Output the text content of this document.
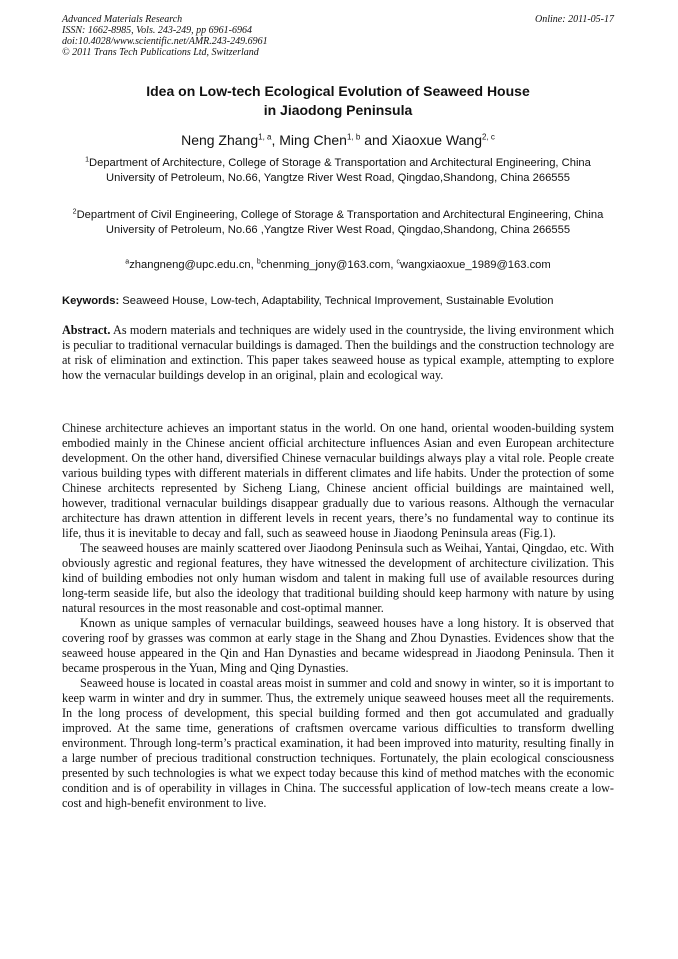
Advanced Materials Research
ISSN: 1662-8985, Vols. 243-249, pp 6961-6964
doi:10.4028/www.scientific.net/AMR.243-249.6961
© 2011 Trans Tech Publications Ltd, Switzerland
Online: 2011-05-17
Idea on Low-tech Ecological Evolution of Seaweed House
in Jiaodong Peninsula
Neng Zhang$^{1, a}$, Ming Chen$^{1, b}$ and Xiaoxue Wang$^{2, c}$
$^1$Department of Architecture, College of Storage & Transportation and Architectural Engineering, China University of Petroleum, No.66, Yangtze River West Road, Qingdao,Shandong, China 266555
$^2$Department of Civil Engineering, College of Storage & Transportation and Architectural Engineering, China University of Petroleum, No.66 ,Yangtze River West Road, Qingdao,Shandong, China 266555
$^a$zhangneng@upc.edu.cn, $^b$chenming_jony@163.com, $^c$wangxiaoxue_1989@163.com
Keywords: Seaweed House, Low-tech, Adaptability, Technical Improvement, Sustainable Evolution
Abstract. As modern materials and techniques are widely used in the countryside, the living environment which is peculiar to traditional vernacular buildings is damaged. Then the buildings and the construction technology are at risk of elimination and extinction. This paper takes seaweed house as typical example, attempting to explore how the vernacular buildings develop in an original, plain and ecological way.

Chinese architecture achieves an important status in the world. On one hand, oriental wooden-building system embodied mainly in the Chinese ancient official architecture influences Asian and even European architecture development. On the other hand, diversified Chinese vernacular buildings always play a vital role. People create various building types with different materials in different climates and life habits. Under the protection of some Chinese architects represented by Sicheng Liang, Chinese ancient official buildings are maintained well, however, traditional vernacular buildings disappear gradually due to various reasons. Although the vernacular architecture has drawn attention in different levels in recent years, there’s no fundamental way to continue its life, thus it is inevitable to decay and fall, such as seaweed house in Jiaodong Peninsula areas (Fig.1).

The seaweed houses are mainly scattered over Jiaodong Peninsula such as Weihai, Yantai, Qingdao, etc. With obviously agrestic and regional features, they have witnessed the development of architecture civilization. This kind of building embodies not only human wisdom and talent in making full use of available resources during long-term seaside life, but also the ideology that traditional building should keep harmony with nature by using natural resources in the most reasonable and cost-optimal manner.

Known as unique samples of vernacular buildings, seaweed houses have a long history. It is observed that covering roof by grasses was common at early stage in the Shang and Zhou Dynasties. Evidences show that the seaweed house appeared in the Qin and Han Dynasties and became widespread in Jiaodong Peninsula. Then it became prosperous in the Yuan, Ming and Qing Dynasties.

Seaweed house is located in coastal areas moist in summer and cold and snowy in winter, so it is important to keep warm in winter and dry in summer. Thus, the extremely unique seaweed houses meet all the requirements. In the long process of development, this special building formed and then got accumulated and gradually improved. At the same time, generations of craftsmen overcame various difficulties to transform dwelling environment. Through long-term’s practical examination, it had been improved into maturity, resulting finally in a large number of precious traditional construction techniques. Fortunately, the plain ecological consciousness presented by such technologies is what we expect today because this kind of method matches with the economic condition and is of operability in villages in China. The successful application of low-tech means create a low-cost and high-benefit environment to live.
